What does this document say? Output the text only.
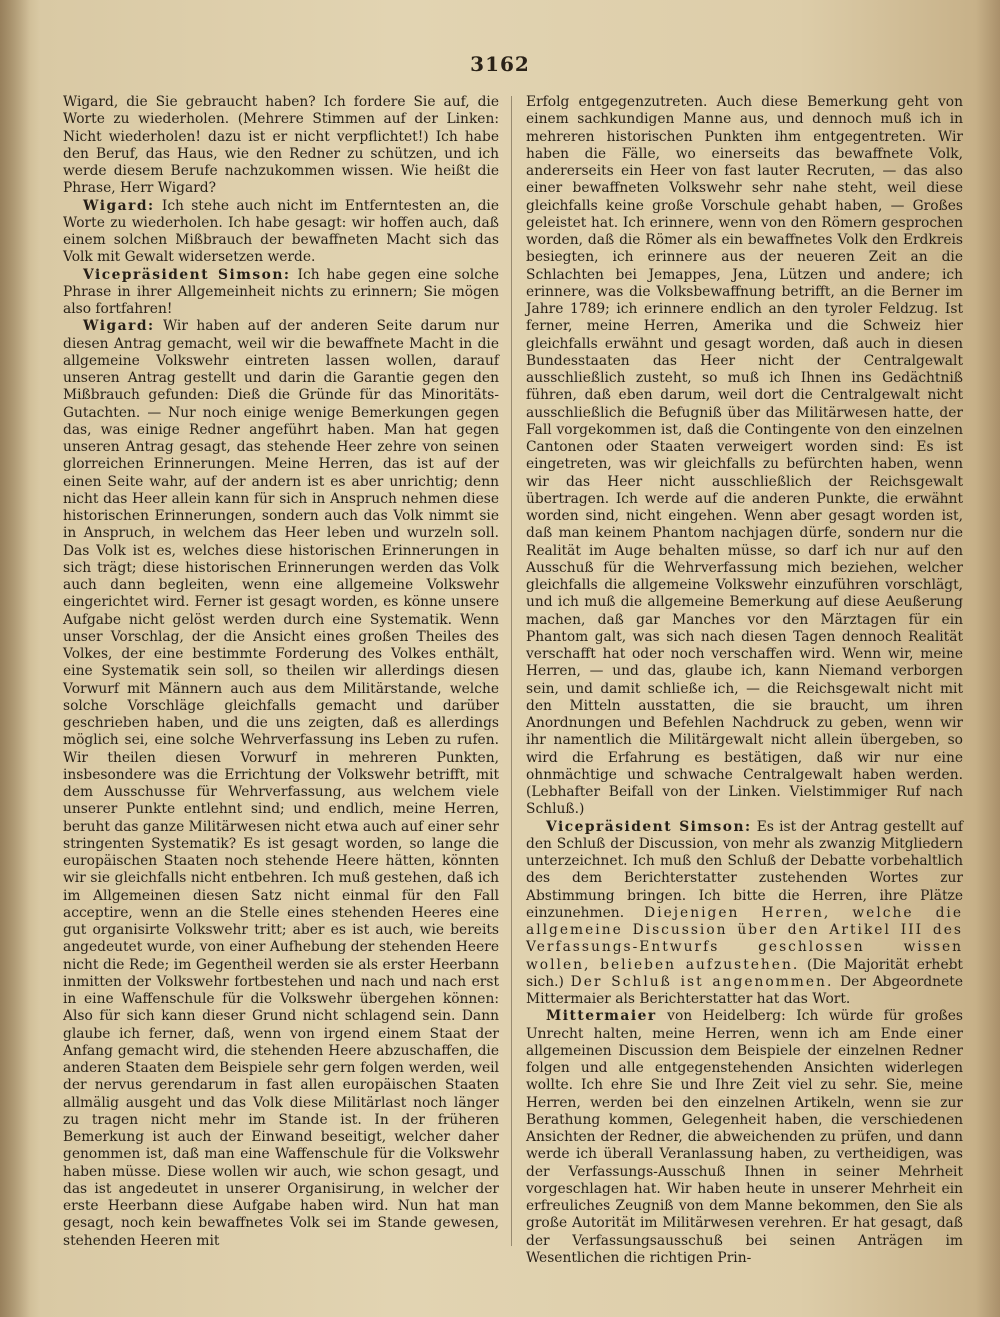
3162

Wigard, die Sie gebraucht haben? Ich fordere Sie auf, die Worte zu wiederholen. (Mehrere Stimmen auf der Linken: Nicht wiederholen! dazu ist er nicht verpflichtet!) Ich habe den Beruf, das Haus, wie den Redner zu schützen, und ich werde diesem Berufe nachzukommen wissen. Wie heißt die Phrase, Herr Wigard?

Wigard: Ich stehe auch nicht im Entferntesten an, die Worte zu wiederholen. Ich habe gesagt: wir hoffen auch, daß einem solchen Mißbrauch der bewaffneten Macht sich das Volk mit Gewalt widersetzen werde.

Vicepräsident Simson: Ich habe gegen eine solche Phrase in ihrer Allgemeinheit nichts zu erinnern; Sie mögen also fortfahren!

Wigard: Wir haben auf der anderen Seite darum nur diesen Antrag gemacht, weil wir die bewaffnete Macht in die allgemeine Volkswehr eintreten lassen wollen, darauf unseren Antrag gestellt und darin die Garantie gegen den Mißbrauch gefunden: Dieß die Gründe für das Minoritäts-Gutachten. — Nur noch einige wenige Bemerkungen gegen das, was einige Redner angeführt haben. Man hat gegen unseren Antrag gesagt, das stehende Heer zehre von seinen glorreichen Erinnerungen. Meine Herren, das ist auf der einen Seite wahr, auf der andern ist es aber unrichtig; denn nicht das Heer allein kann für sich in Anspruch nehmen diese historischen Erinnerungen, sondern auch das Volk nimmt sie in Anspruch, in welchem das Heer leben und wurzeln soll. Das Volk ist es, welches diese historischen Erinnerungen in sich trägt; diese historischen Erinnerungen werden das Volk auch dann begleiten, wenn eine allgemeine Volkswehr eingerichtet wird. Ferner ist gesagt worden, es könne unsere Aufgabe nicht gelöst werden durch eine Systematik. Wenn unser Vorschlag, der die Ansicht eines großen Theiles des Volkes, der eine bestimmte Forderung des Volkes enthält, eine Systematik sein soll, so theilen wir allerdings diesen Vorwurf mit Männern auch aus dem Militärstande, welche solche Vorschläge gleichfalls gemacht und darüber geschrieben haben, und die uns zeigten, daß es allerdings möglich sei, eine solche Wehrverfassung ins Leben zu rufen. Wir theilen diesen Vorwurf in mehreren Punkten, insbesondere was die Errichtung der Volkswehr betrifft, mit dem Ausschusse für Wehrverfassung, aus welchem viele unserer Punkte entlehnt sind; und endlich, meine Herren, beruht das ganze Militärwesen nicht etwa auch auf einer sehr stringenten Systematik? Es ist gesagt worden, so lange die europäischen Staaten noch stehende Heere hätten, könnten wir sie gleichfalls nicht entbehren. Ich muß gestehen, daß ich im Allgemeinen diesen Satz nicht einmal für den Fall acceptire, wenn an die Stelle eines stehenden Heeres eine gut organisirte Volkswehr tritt; aber es ist auch, wie bereits angedeutet wurde, von einer Aufhebung der stehenden Heere nicht die Rede; im Gegentheil werden sie als erster Heerbann inmitten der Volkswehr fortbestehen und nach und nach erst in eine Waffenschule für die Volkswehr übergehen können: Also für sich kann dieser Grund nicht schlagend sein. Dann glaube ich ferner, daß, wenn von irgend einem Staat der Anfang gemacht wird, die stehenden Heere abzuschaffen, die anderen Staaten dem Beispiele sehr gern folgen werden, weil der nervus gerendarum in fast allen europäischen Staaten allmälig ausgeht und das Volk diese Militärlast noch länger zu tragen nicht mehr im Stande ist. In der früheren Bemerkung ist auch der Einwand beseitigt, welcher daher genommen ist, daß man eine Waffenschule für die Volkswehr haben müsse. Diese wollen wir auch, wie schon gesagt, und das ist angedeutet in unserer Organisirung, in welcher der erste Heerbann diese Aufgabe haben wird. Nun hat man gesagt, noch kein bewaffnetes Volk sei im Stande gewesen, stehenden Heeren mit

Erfolg entgegenzutreten. Auch diese Bemerkung geht von einem sachkundigen Manne aus, und dennoch muß ich in mehreren historischen Punkten ihm entgegentreten. Wir haben die Fälle, wo einerseits das bewaffnete Volk, andererseits ein Heer von fast lauter Recruten, — das also einer bewaffneten Volkswehr sehr nahe steht, weil diese gleichfalls keine große Vorschule gehabt haben, — Großes geleistet hat. Ich erinnere, wenn von den Römern gesprochen worden, daß die Römer als ein bewaffnetes Volk den Erdkreis besiegten, ich erinnere aus der neueren Zeit an die Schlachten bei Jemappes, Jena, Lützen und andere; ich erinnere, was die Volksbewaffnung betrifft, an die Berner im Jahre 1789; ich erinnere endlich an den tyroler Feldzug. Ist ferner, meine Herren, Amerika und die Schweiz hier gleichfalls erwähnt und gesagt worden, daß auch in diesen Bundesstaaten das Heer nicht der Centralgewalt ausschließlich zusteht, so muß ich Ihnen ins Gedächtniß führen, daß eben darum, weil dort die Centralgewalt nicht ausschließlich die Befugniß über das Militärwesen hatte, der Fall vorgekommen ist, daß die Contingente von den einzelnen Cantonen oder Staaten verweigert worden sind: Es ist eingetreten, was wir gleichfalls zu befürchten haben, wenn wir das Heer nicht ausschließlich der Reichsgewalt übertragen. Ich werde auf die anderen Punkte, die erwähnt worden sind, nicht eingehen. Wenn aber gesagt worden ist, daß man keinem Phantom nachjagen dürfe, sondern nur die Realität im Auge behalten müsse, so darf ich nur auf den Ausschuß für die Wehrverfassung mich beziehen, welcher gleichfalls die allgemeine Volkswehr einzuführen vorschlägt, und ich muß die allgemeine Bemerkung auf diese Aeußerung machen, daß gar Manches vor den Märztagen für ein Phantom galt, was sich nach diesen Tagen dennoch Realität verschafft hat oder noch verschaffen wird. Wenn wir, meine Herren, — und das, glaube ich, kann Niemand verborgen sein, und damit schließe ich, — die Reichsgewalt nicht mit den Mitteln ausstatten, die sie braucht, um ihren Anordnungen und Befehlen Nachdruck zu geben, wenn wir ihr namentlich die Militärgewalt nicht allein übergeben, so wird die Erfahrung es bestätigen, daß wir nur eine ohnmächtige und schwache Centralgewalt haben werden. (Lebhafter Beifall von der Linken. Vielstimmiger Ruf nach Schluß.)

Vicepräsident Simson: Es ist der Antrag gestellt auf den Schluß der Discussion, von mehr als zwanzig Mitgliedern unterzeichnet. Ich muß den Schluß der Debatte vorbehaltlich des dem Berichterstatter zustehenden Wortes zur Abstimmung bringen. Ich bitte die Herren, ihre Plätze einzunehmen. Diejenigen Herren, welche die allgemeine Discussion über den Artikel III des Verfassungs-Entwurfs geschlossen wissen wollen, belieben aufzustehen. (Die Majorität erhebt sich.) Der Schluß ist angenommen. Der Abgeordnete Mittermaier als Berichterstatter hat das Wort.

Mittermaier von Heidelberg: Ich würde für großes Unrecht halten, meine Herren, wenn ich am Ende einer allgemeinen Discussion dem Beispiele der einzelnen Redner folgen und alle entgegenstehenden Ansichten widerlegen wollte. Ich ehre Sie und Ihre Zeit viel zu sehr. Sie, meine Herren, werden bei den einzelnen Artikeln, wenn sie zur Berathung kommen, Gelegenheit haben, die verschiedenen Ansichten der Redner, die abweichenden zu prüfen, und dann werde ich überall Veranlassung haben, zu vertheidigen, was der Verfassungs-Ausschuß Ihnen in seiner Mehrheit vorgeschlagen hat. Wir haben heute in unserer Mehrheit ein erfreuliches Zeugniß von dem Manne bekommen, den Sie als große Autorität im Militärwesen verehren. Er hat gesagt, daß der Verfassungsausschuß bei seinen Anträgen im Wesentlichen die richtigen Prin-
